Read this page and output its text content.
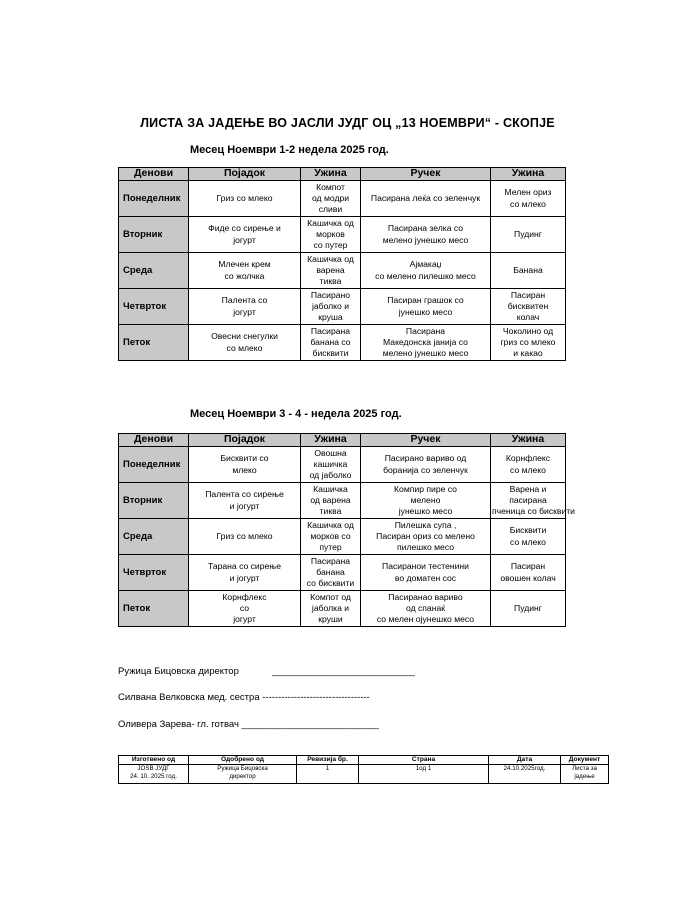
ЛИСТА ЗА ЈАДЕЊЕ ВО ЈАСЛИ ЈУДГ ОЦ „13 НОЕМВРИ“ - СКОПЈЕ
Месец Ноември 1-2 недела 2025 год.
Денови	Појадок	Ужина	Ручек	Ужина
Понеделник	Гриз со млеко	Компот
од модри
сливи	Пасирана леќа со зеленчук	Мелен ориз
со млеко

Вторник	Фиде со сирење и
јогурт	Кашичка од
морков
со путер	Пасирана зелка со
мелено јунешко месо	Пудинг

Среда	Млечен крем
со жолчка	Кашичка од
варена
тиква	Ајмакаџ
со мелено пилешко месо	Банана

Четврток	Палента со
јогурт	Пасирано
јаболко и
круша	Пасиран грашок со
јунешко месо	Пасиран
бисквитен
колач

Петок	Овесни снегулки
со млеко	Пасирана
банана со
бисквити	Пасирана
Македонска јанија со
мелено јунешко месо	Чоколино од
гриз со млеко
и какао
Месец Ноември 3 - 4 - недела 2025 год.
Денови	Појадок	Ужина	Ручек	Ужина
Понеделник	Бисквити со
млеко	Овошна
кашичка
од јаболко	Пасирано вариво од
боранија со зеленчук	Корнфлекс
со млеко

Вторник	Палента со сирење
и јогурт	Кашичка
од варена
тиква	Компир пире со
мелено
јунешко месо	Варена и
пасирана
пченица со бисквити

Среда	Гриз со млеко	Кашичка од
морков со
путер	Пилешка супа ,
Пасиран ориз со мелено
пилешко месо	Бисквити
со млеко

Четврток	Тарана со сирење
и јогурт	Пасирана
банана
со бисквити	Пасиранoи тестенини
во доматен сос	Пасиран
овошен колач

Петок	Корнфлекс
со
јогурт	Компот од
јаболка и
круши	Пасиранао вариво
од спанаќ
со мелен ојунешко месо	Пудинг
Ружица Бицовска директор	___________________________
Силвана Велковска мед. сестра ----------------------------------
Оливера Зарева- гл. готвач __________________________
Изготвено од	Одобрено од	Ревизија бр.	Страна	Дата	Документ

ЈОЅВ ЈУДГ
24. 10. 2025 год.	Ружица Бицовска
директор	1	1од 1	24.10.2025год.	Листа за
јадење
